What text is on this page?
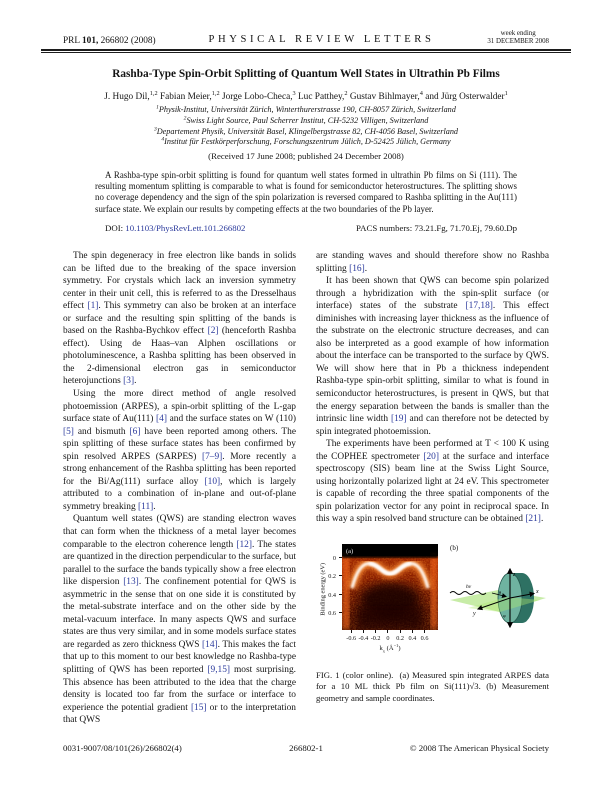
PRL 101, 266802 (2008)	PHYSICAL REVIEW LETTERS
week ending
31 DECEMBER 2008
Rashba-Type Spin-Orbit Splitting of Quantum Well States in Ultrathin Pb Films
J. Hugo Dil,$^{1,2}$ Fabian Meier,$^{1,2}$ Jorge Lobo-Checa,$^3$ Luc Patthey,$^2$ Gustav Bihlmayer,$^4$ and Jürg Osterwalder$^1$
$^1$Physik-Institut, Universität Zürich, Winterthurerstrasse 190, CH-8057 Zürich, Switzerland
$^2$Swiss Light Source, Paul Scherrer Institut, CH-5232 Villigen, Switzerland
$^3$Departement Physik, Universität Basel, Klingelbergstrasse 82, CH-4056 Basel, Switzerland
$^4$Institut für Festkörperforschung, Forschungszentrum Jülich, D-52425 Jülich, Germany
(Received 17 June 2008; published 24 December 2008)
A Rashba-type spin-orbit splitting is found for quantum well states formed in ultrathin Pb films on Si (111). The resulting momentum splitting is comparable to what is found for semiconductor heterostructures. The splitting shows no coverage dependency and the sign of the spin polarization is reversed compared to Rashba splitting in the Au(111) surface state. We explain our results by competing effects at the two boundaries of the Pb layer.
DOI: 10.1103/PhysRevLett.101.266802	PACS numbers: 73.21.Fg, 71.70.Ej, 79.60.Dp

The spin degeneracy in free electron like bands in solids can be lifted due to the breaking of the space inversion symmetry. For crystals which lack an inversion symmetry center in their unit cell, this is referred to as the Dresselhaus effect [1]. This symmetry can also be broken at an interface or surface and the resulting spin splitting of the bands is based on the Rashba-Bychkov effect [2] (henceforth Rashba effect). Using de Haas–van Alphen oscillations or photoluminescence, a Rashba splitting has been observed in the 2-dimensional electron gas in semiconductor heterojunctions [3].

Using the more direct method of angle resolved photoemission (ARPES), a spin-orbit splitting of the L-gap surface state of Au(111) [4] and the surface states on W (110) [5] and bismuth [6] have been reported among others. The spin splitting of these surface states has been confirmed by spin resolved ARPES (SARPES) [7–9]. More recently a strong enhancement of the Rashba splitting has been reported for the Bi/Ag(111) surface alloy [10], which is largely attributed to a combination of in-plane and out-of-plane symmetry breaking [11].

Quantum well states (QWS) are standing electron waves that can form when the thickness of a metal layer becomes comparable to the electron coherence length [12]. The states are quantized in the direction perpendicular to the surface, but parallel to the surface the bands typically show a free electron like dispersion [13]. The confinement potential for QWS is asymmetric in the sense that on one side it is constituted by the metal-substrate interface and on the other side by the metal-vacuum interface. In many aspects QWS and surface states are thus very similar, and in some models surface states are regarded as zero thickness QWS [14]. This makes the fact that up to this moment to our best knowledge no Rashba-type splitting of QWS has been reported [9,15] most surprising. This absence has been attributed to the idea that the charge density is located too far from the surface or interface to experience the potential gradient [15] or to the interpretation that QWS

are standing waves and should therefore show no Rashba splitting [16].

It has been shown that QWS can become spin polarized through a hybridization with the spin-split surface (or interface) states of the substrate [17,18]. This effect diminishes with increasing layer thickness as the influence of the substrate on the electronic structure decreases, and can also be interpreted as a good example of how information about the interface can be transported to the surface by QWS. We will show here that in Pb a thickness independent Rashba-type spin-orbit splitting, similar to what is found in semiconductor heterostructures, is present in QWS, but that the energy separation between the bands is smaller than the intrinsic line width [19] and can therefore not be detected by spin integrated photoemission.

The experiments have been performed at T < 100 K using the COPHEE spectrometer [20] at the surface and interface spectroscopy (SIS) beam line at the Swiss Light Source, using horizontally polarized light at 24 eV. This spectrometer is capable of recording the three spatial components of the spin polarization vector for any point in reciprocal space. In this way a spin resolved band structure can be obtained [21].

Binding energy (eV)
(a)
$k_x$ $(Å^{-1})$
-0.6 -0.4 -0.2 0	0.2 0.4 0.6
0
0.2
0.4
0.6
(b)
z
hν
y
x
θ
φ
FIG. 1 (color online). (a) Measured spin integrated ARPES data for a 10 ML thick Pb film on Si(111)√3. (b) Measurement geometry and sample coordinates.
0031-9007/08/101(26)/266802(4)	266802-1	© 2008 The American Physical Society
